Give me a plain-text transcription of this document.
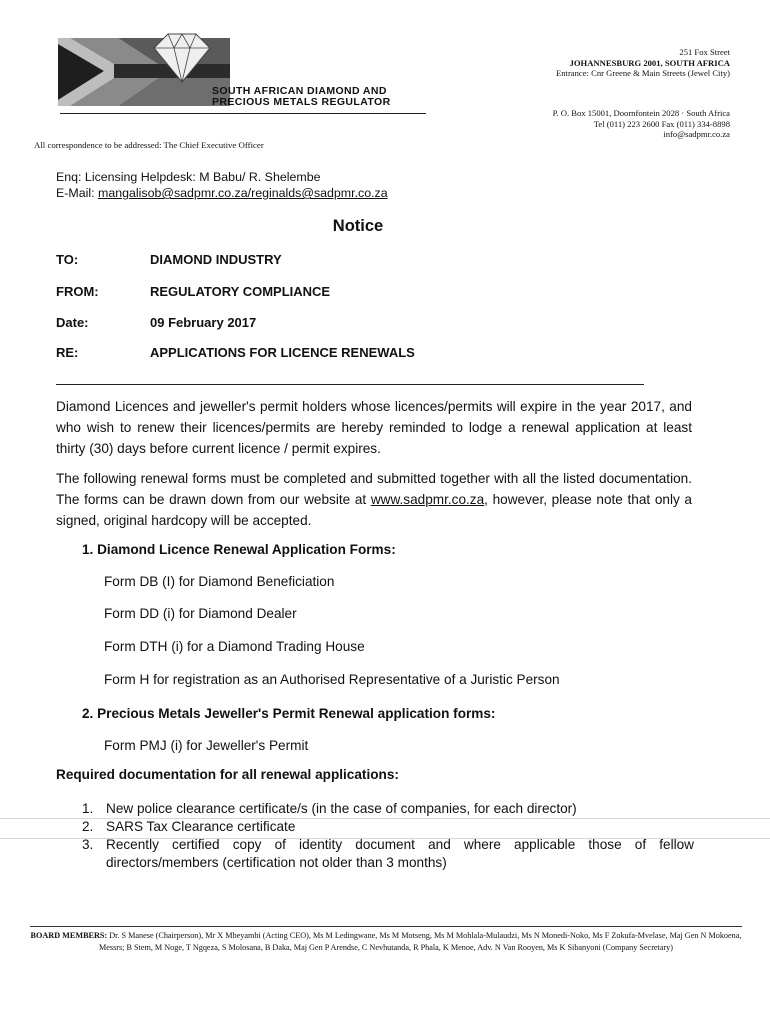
SOUTH AFRICAN DIAMOND AND
PRECIOUS METALS REGULATOR
251 Fox Street
JOHANNESBURG 2001, SOUTH AFRICA
Entrance: Cnr Greene & Main Streets (Jewel City)
P. O. Box 15001, Doornfontein 2028 · South Africa
Tel (011) 223 2600 Fax (011) 334-8898
info@sadpmr.co.za
All correspondence to be addressed: The Chief Executive Officer
Enq: Licensing Helpdesk: M Babu/ R. Shelembe
E-Mail: mangalisob@sadpmr.co.za/reginalds@sadpmr.co.za
Notice
TO:	DIAMOND INDUSTRY
FROM:	REGULATORY COMPLIANCE
Date:	09 February 2017
RE:	APPLICATIONS FOR LICENCE RENEWALS
Diamond Licences and jeweller's permit holders whose licences/permits will expire in the year 2017, and who wish to renew their licences/permits are hereby reminded to lodge a renewal application at least thirty (30) days before current licence / permit expires.
The following renewal forms must be completed and submitted together with all the listed documentation. The forms can be drawn down from our website at www.sadpmr.co.za, however, please note that only a signed, original hardcopy will be accepted.
1. Diamond Licence Renewal Application Forms:
Form DB (I) for Diamond Beneficiation
Form DD (i) for Diamond Dealer
Form DTH (i) for a Diamond Trading House
Form H for registration as an Authorised Representative of a Juristic Person
2. Precious Metals Jeweller's Permit Renewal application forms:
Form PMJ (i) for Jeweller's Permit
Required documentation for all renewal applications:
1. New police clearance certificate/s (in the case of companies, for each director)
2. SARS Tax Clearance certificate
3. Recently certified copy of identity document and where applicable those of fellow directors/members (certification not older than 3 months)
BOARD MEMBERS: Dr. S Manese (Chairperson), Mr X Mbeyambi (Acting CEO), Ms M Ledingwane, Ms M Motseng, Ms M Mohlala-Mulaudzi, Ms N Monedi-Noko, Ms F Zokufa-Mvelase, Maj Gen N Mokoena, Messrs; B Stem, M Noge, T Ngqeza, S Molosana, B Daka, Maj Gen P Arendse, C Nevhutanda, R Phala, K Menoe, Adv. N Van Rooyen, Ms K Sibanyoni (Company Secretary)
